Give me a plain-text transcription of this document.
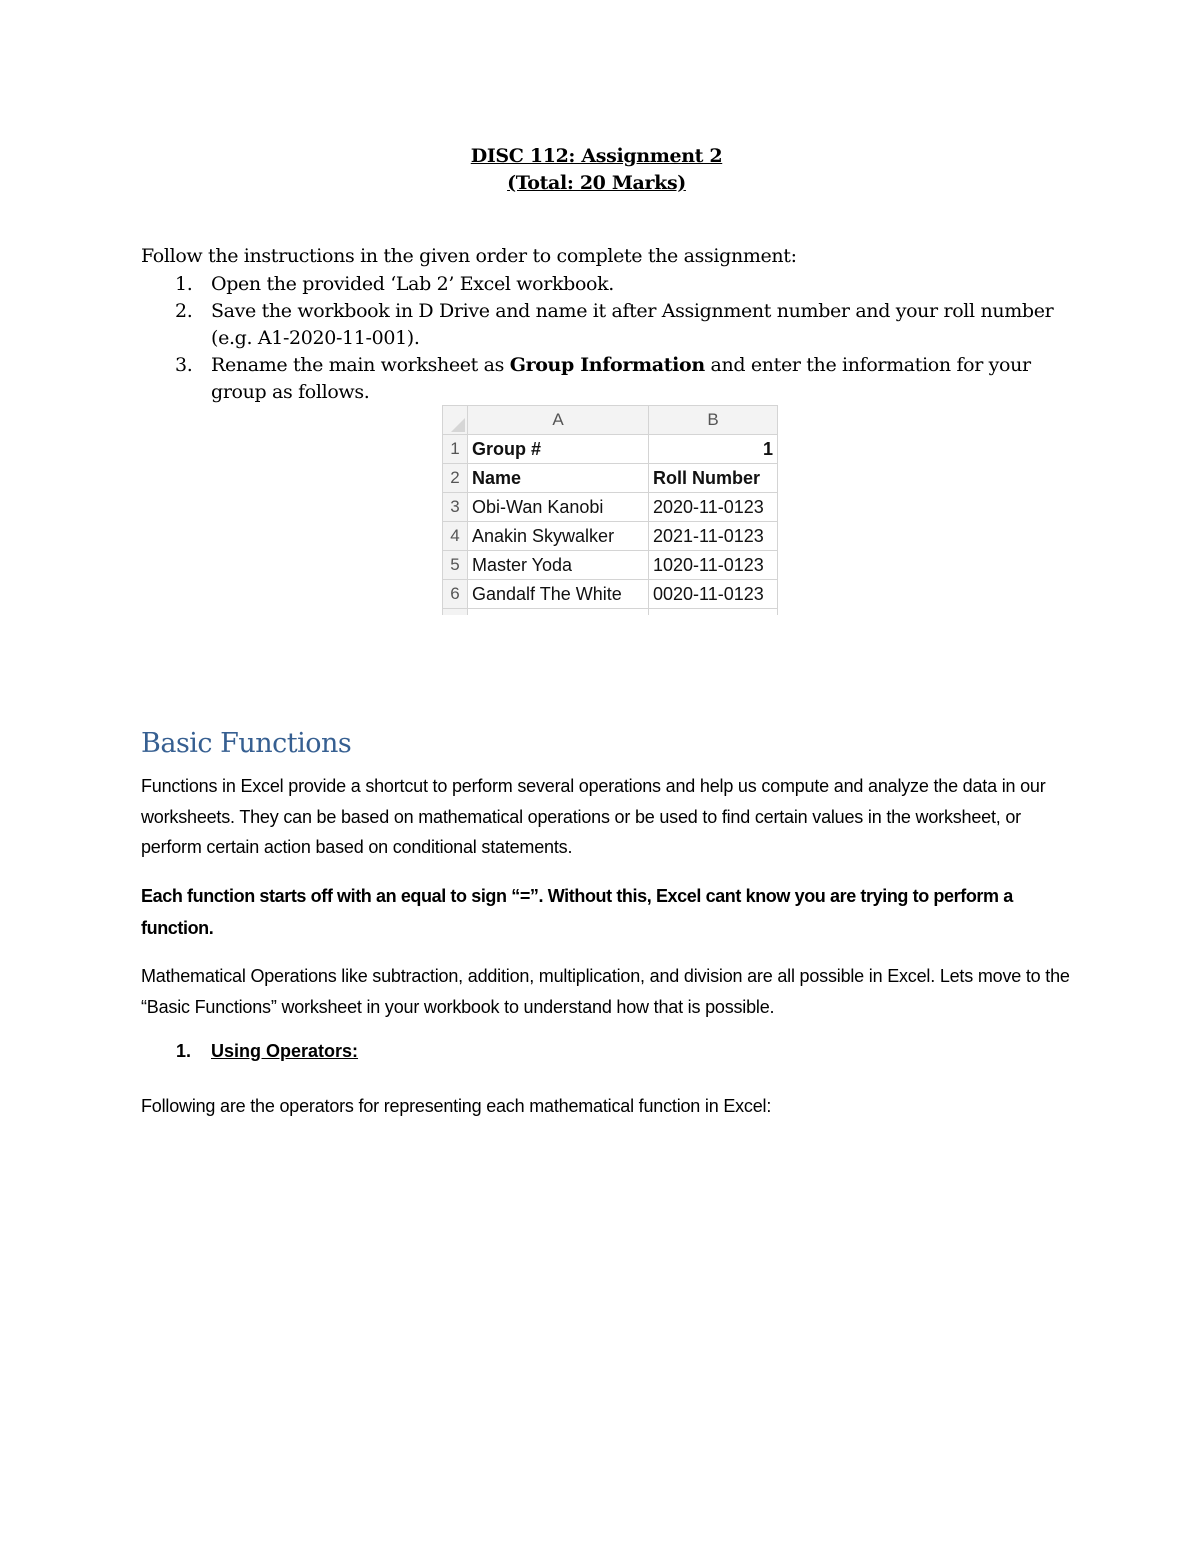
DISC 112: Assignment 2
(Total: 20 Marks)
Follow the instructions in the given order to complete the assignment:
1. Open the provided ‘Lab 2’ Excel workbook.
2. Save the workbook in D Drive and name it after Assignment number and your roll number (e.g. A1-2020-11-001).
3. Rename the main worksheet as Group Information and enter the information for your group as follows.
	A	B
1	Group #	1
2	Name	Roll Number
3	Obi-Wan Kanobi	2020-11-0123
4	Anakin Skywalker	2021-11-0123
5	Master Yoda	1020-11-0123
6	Gandalf The White	0020-11-0123

Basic Functions
Functions in Excel provide a shortcut to perform several operations and help us compute and analyze the data in our worksheets. They can be based on mathematical operations or be used to find certain values in the worksheet, or perform certain action based on conditional statements.
Each function starts off with an equal to sign “=”. Without this, Excel cant know you are trying to perform a function.
Mathematical Operations like subtraction, addition, multiplication, and division are all possible in Excel. Lets move to the “Basic Functions” worksheet in your workbook to understand how that is possible.
1. Using Operators:
Following are the operators for representing each mathematical function in Excel:
